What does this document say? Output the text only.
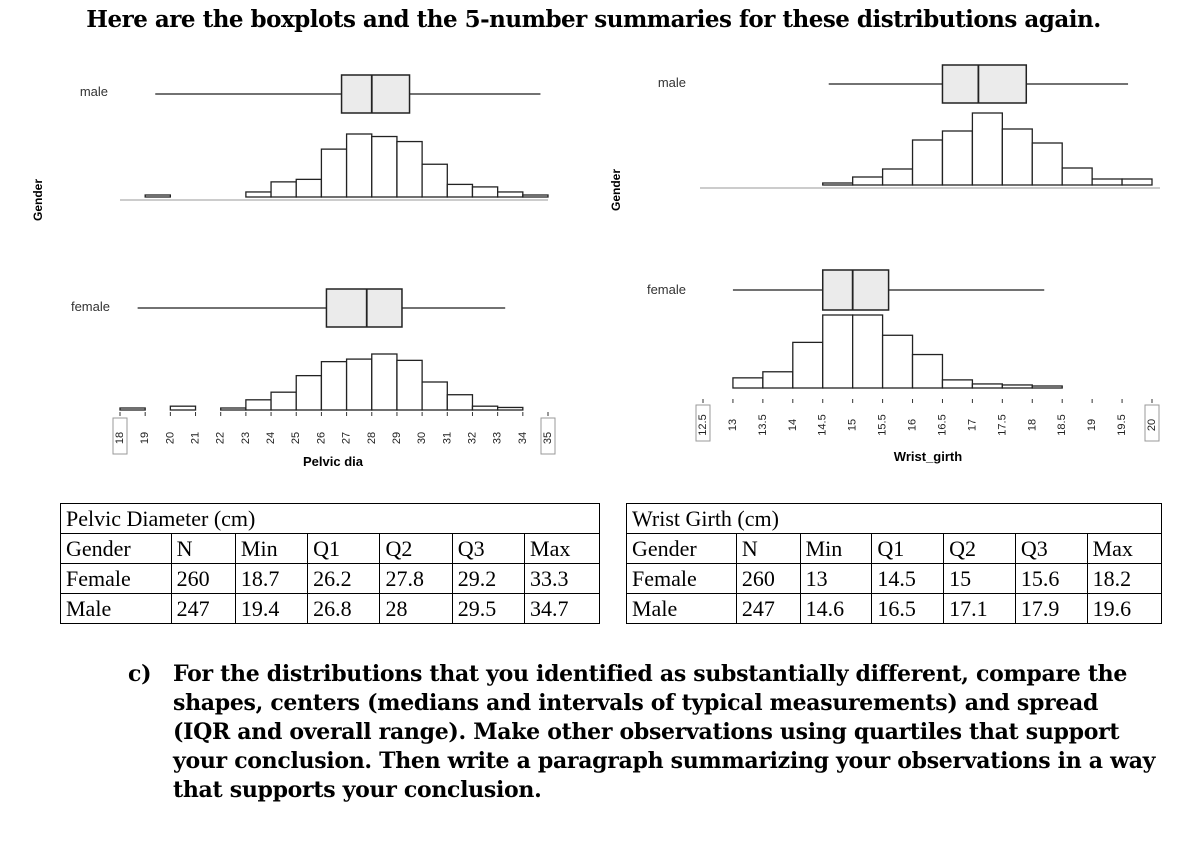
Here are the boxplots and the 5-number summaries for these distributions again.
Gender
male
female
18 19 20 21 22 23 24 25 26 27 28 29 30 31 32 33 34 35
Pelvic dia
Gender
male
female
12.5 13 13.5 14 14.5 15 15.5 16 16.5 17 17.5 18 18.5 19 19.5 20
Wrist_girth
Pelvic Diameter (cm)						
Gender	N	Min	Q1	Q2	Q3	Max
Female	260	18.7	26.2	27.8	29.2	33.3
Male	247	19.4	26.8	28	29.5	34.7
Wrist Girth (cm)						
Gender	N	Min	Q1	Q2	Q3	Max
Female	260	13	14.5	15	15.6	18.2
Male	247	14.6	16.5	17.1	17.9	19.6
c) For the distributions that you identified as substantially different, compare the shapes, centers (medians and intervals of typical measurements) and spread (IQR and overall range). Make other observations using quartiles that support your conclusion. Then write a paragraph summarizing your observations in a way that supports your conclusion.
